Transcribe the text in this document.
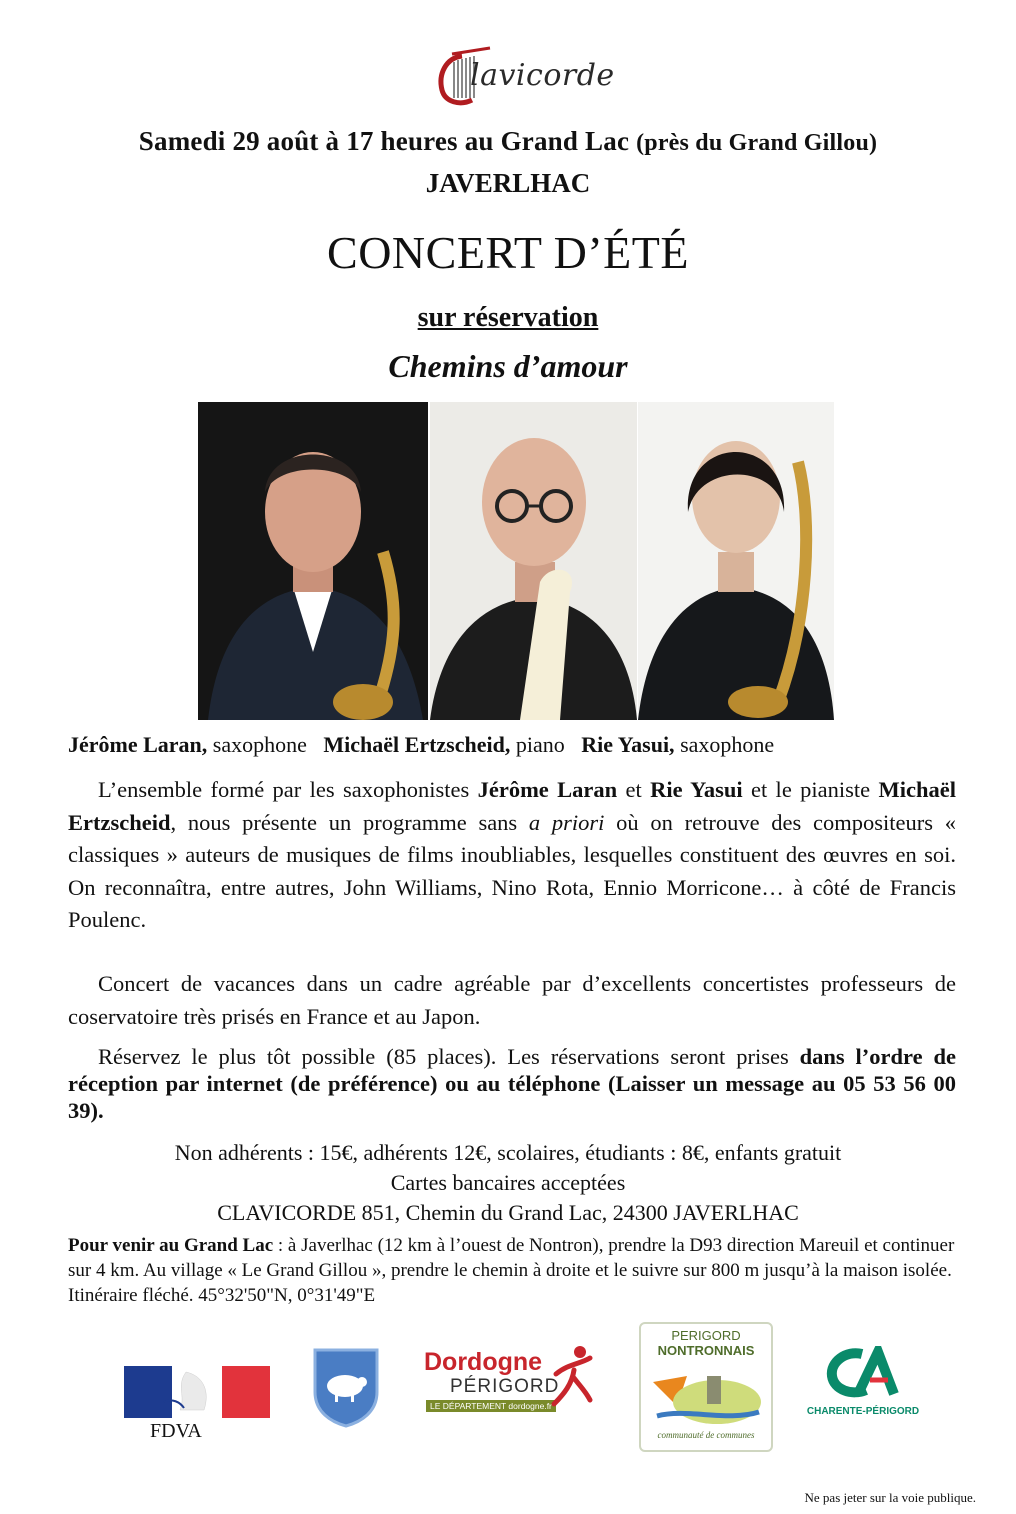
lavicorde
Samedi 29 août à 17 heures au Grand Lac (près du Grand Gillou)
JAVERLHAC
CONCERT D’ÉTÉ
sur réservation
Chemins d’amour
Jérôme Laran, saxophone Michaël Ertzscheid, piano Rie Yasui, saxophone
L’ensemble formé par les saxophonistes Jérôme Laran et Rie Yasui et le pianiste Michaël Ertzscheid, nous présente un programme sans a priori où on retrouve des compositeurs « classiques » auteurs de musiques de films inoubliables, lesquelles constituent des œuvres en soi. On reconnaîtra, entre autres, John Williams, Nino Rota, Ennio Morricone… à côté de Francis Poulenc.
Concert de vacances dans un cadre agréable par d’excellents concertistes professeurs de coservatoire très prisés en France et au Japon.
Réservez le plus tôt possible (85 places). Les réservations seront prises dans l’ordre de réception par internet (de préférence) ou au téléphone (Laisser un message au 05 53 56 00 39).
Non adhérents : 15€, adhérents 12€, scolaires, étudiants : 8€, enfants gratuit
Cartes bancaires acceptées
CLAVICORDE 851, Chemin du Grand Lac, 24300 JAVERLHAC
Pour venir au Grand Lac : à Javerlhac (12 km à l’ouest de Nontron), prendre la D93 direction Mareuil et continuer sur 4 km. Au village « Le Grand Gillou », prendre le chemin à droite et le suivre sur 800 m jusqu’à la maison isolée. Itinéraire fléché. 45°32'50"N, 0°31'49"E
FDVA
Dordogne
PÉRIGORD
LE DÉPARTEMENT dordogne.fr
PERIGORD
NONTRONNAIS
communauté de communes
CHARENTE-PÉRIGORD
Ne pas jeter sur la voie publique.
